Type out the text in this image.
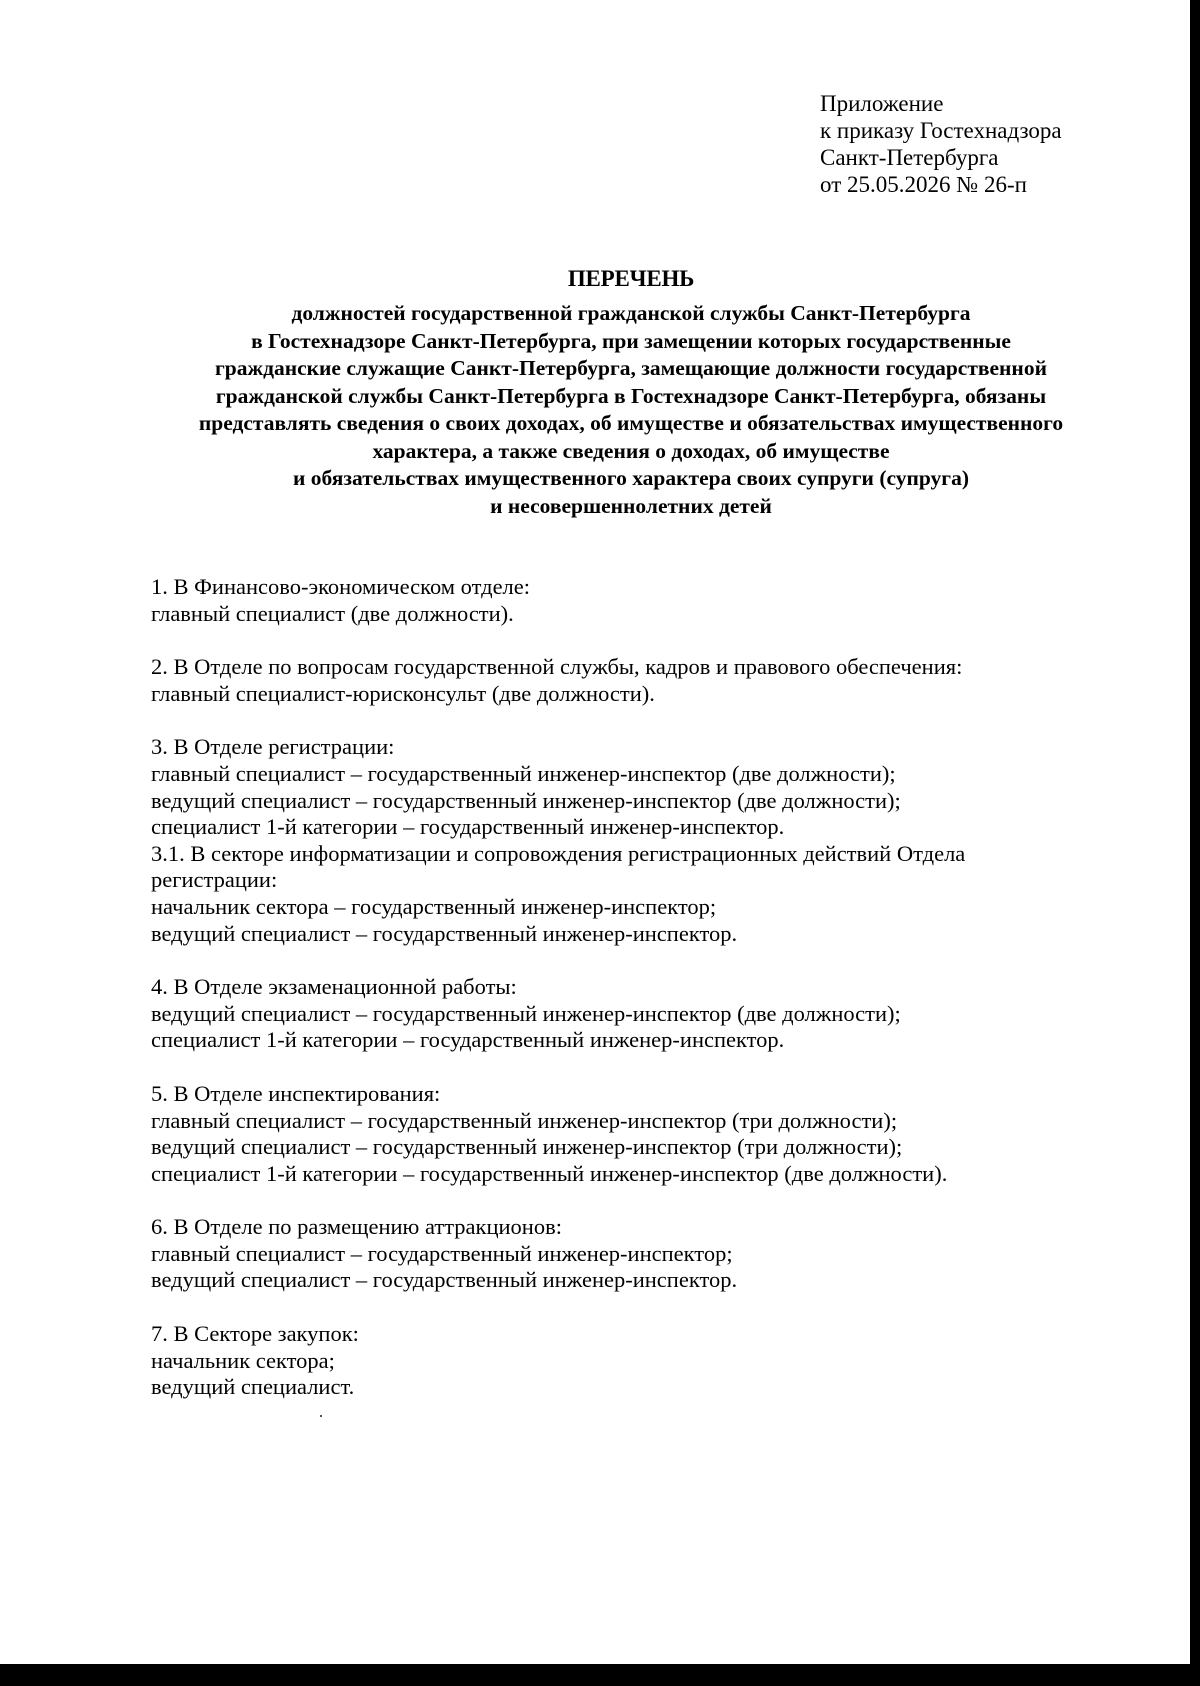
Приложение
к приказу Гостехнадзора
Санкт-Петербурга
от 25.05.2026 № 26-п
ПЕРЕЧЕНЬ
должностей государственной гражданской службы Санкт-Петербурга
в Гостехнадзоре Санкт-Петербурга, при замещении которых государственные
гражданские служащие Санкт-Петербурга, замещающие должности государственной
гражданской службы Санкт-Петербурга в Гостехнадзоре Санкт-Петербурга, обязаны
представлять сведения о своих доходах, об имуществе и обязательствах имущественного
характера, а также сведения о доходах, об имуществе
и обязательствах имущественного характера своих супруги (супруга)
и несовершеннолетних детей
1. В Финансово-экономическом отделе:
главный специалист (две должности).
2. В Отделе по вопросам государственной службы, кадров и правового обеспечения:
главный специалист-юрисконсульт (две должности).
3. В Отделе регистрации:
главный специалист – государственный инженер-инспектор (две должности);
ведущий специалист – государственный инженер-инспектор (две должности);
специалист 1-й категории – государственный инженер-инспектор.
3.1. В секторе информатизации и сопровождения регистрационных действий Отдела
регистрации:
начальник сектора – государственный инженер-инспектор;
ведущий специалист – государственный инженер-инспектор.
4. В Отделе экзаменационной работы:
ведущий специалист – государственный инженер-инспектор (две должности);
специалист 1-й категории – государственный инженер-инспектор.
5. В Отделе инспектирования:
главный специалист – государственный инженер-инспектор (три должности);
ведущий специалист – государственный инженер-инспектор (три должности);
специалист 1-й категории – государственный инженер-инспектор (две должности).
6. В Отделе по размещению аттракционов:
главный специалист – государственный инженер-инспектор;
ведущий специалист – государственный инженер-инспектор.
7. В Секторе закупок:
начальник сектора;
ведущий специалист.
